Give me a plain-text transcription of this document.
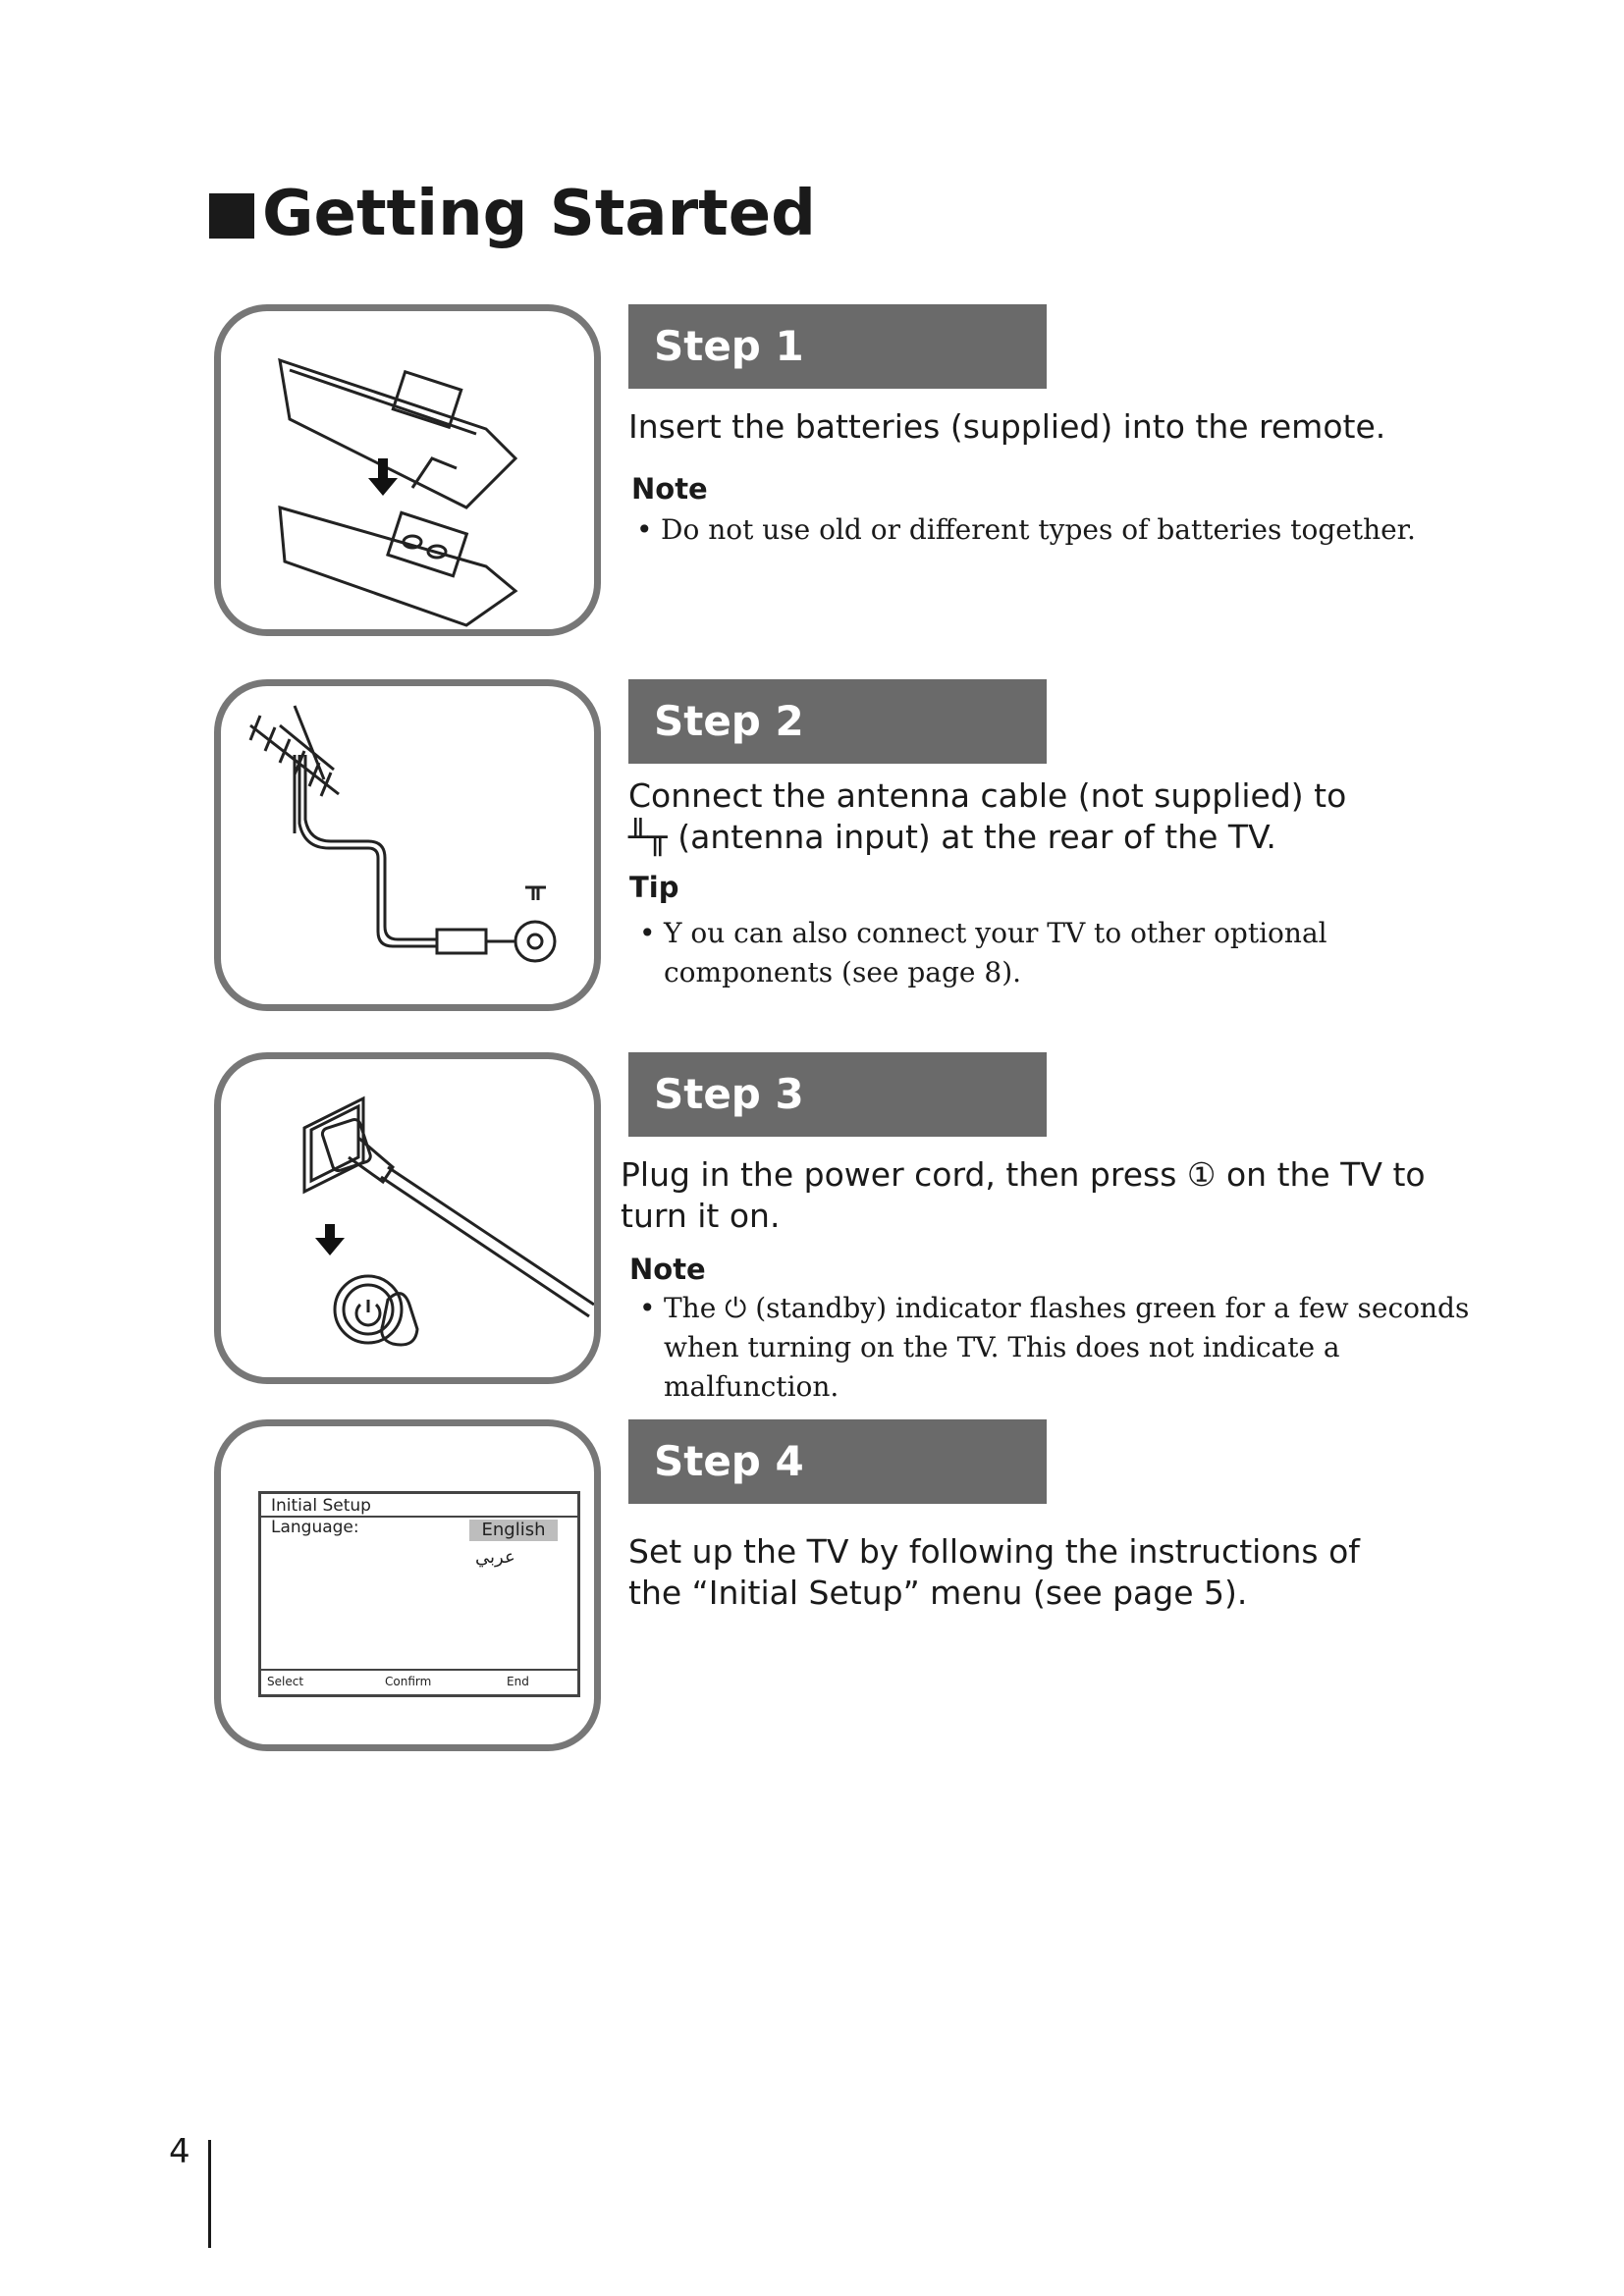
Getting Started
Step 1
Insert the batteries (supplied) into the remote.
Note
• Do not use old or different types of batteries together.
Step 2
Connect the antenna cable (not supplied) to ╨╥ (antenna input) at the rear of the TV.
Tip
• Y ou can also connect your TV to other optional components (see page 8).
Step 3
Plug in the power cord, then press ① on the TV to turn it on.
Note
• The ⏻ (standby) indicator flashes green for a few seconds when turning on the TV. This does not indicate a malfunction.
Initial Setup
Language:	English
عربي
Select	Confirm	End
Step 4
Set up the TV by following the instructions of the “Initial Setup” menu (see page 5).
4
